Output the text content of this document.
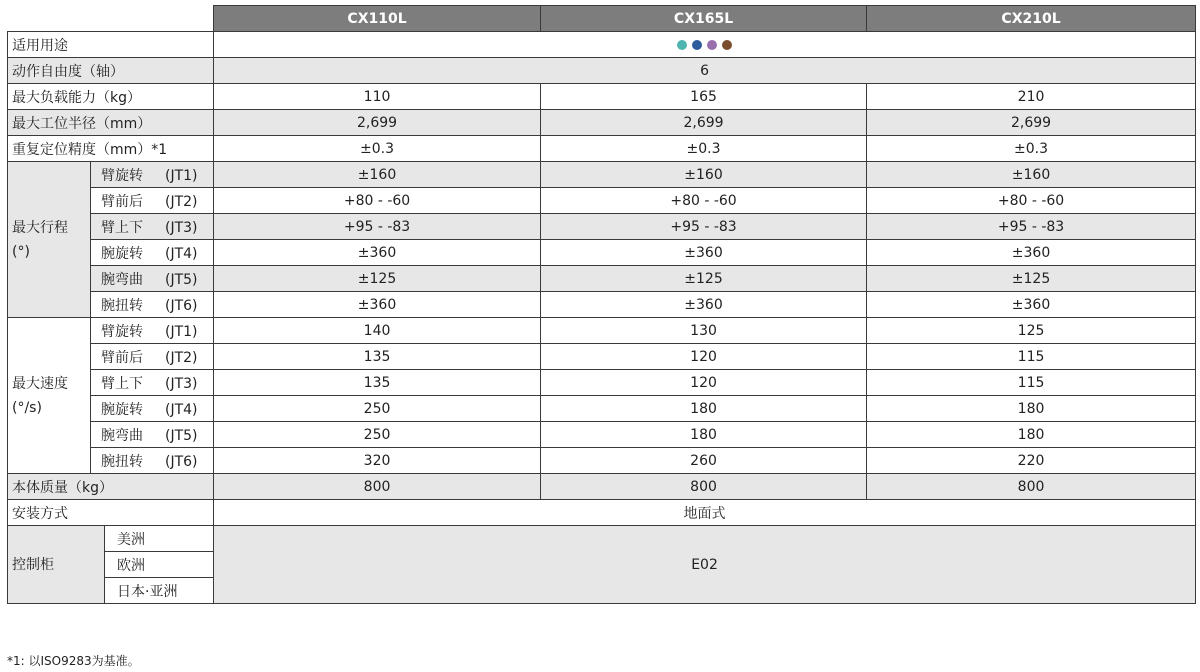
			CX110L	CX165L	CX210L
适用用途					

动作自由度（轴）			6		
最大负载能力（kg）			110	165	210
最大工位半径（mm）			2,699	2,699	2,699
重复定位精度（mm）*1			±0.3	±0.3	±0.3
最大行程
(°)	臂旋转 (JT1)		±160	±160	±160
	臂前后 (JT2)		+80 - -60	+80 - -60	+80 - -60
	臂上下 (JT3)		+95 - -83	+95 - -83	+95 - -83
	腕旋转 (JT4)		±360	±360	±360
	腕弯曲 (JT5)		±125	±125	±125
	腕扭转 (JT6)		±360	±360	±360
最大速度
(°/s)	臂旋转 (JT1)		140	130	125
	臂前后 (JT2)		135	120	115
	臂上下 (JT3)		135	120	115
	腕旋转 (JT4)		250	180	180
	腕弯曲 (JT5)		250	180	180
	腕扭转 (JT6)		320	260	220
本体质量（kg）			800	800	800
安装方式			地面式		
控制柜		美洲	E02		
		欧洲			
		日本·亚洲			
*1: 以ISO9283为基准。
